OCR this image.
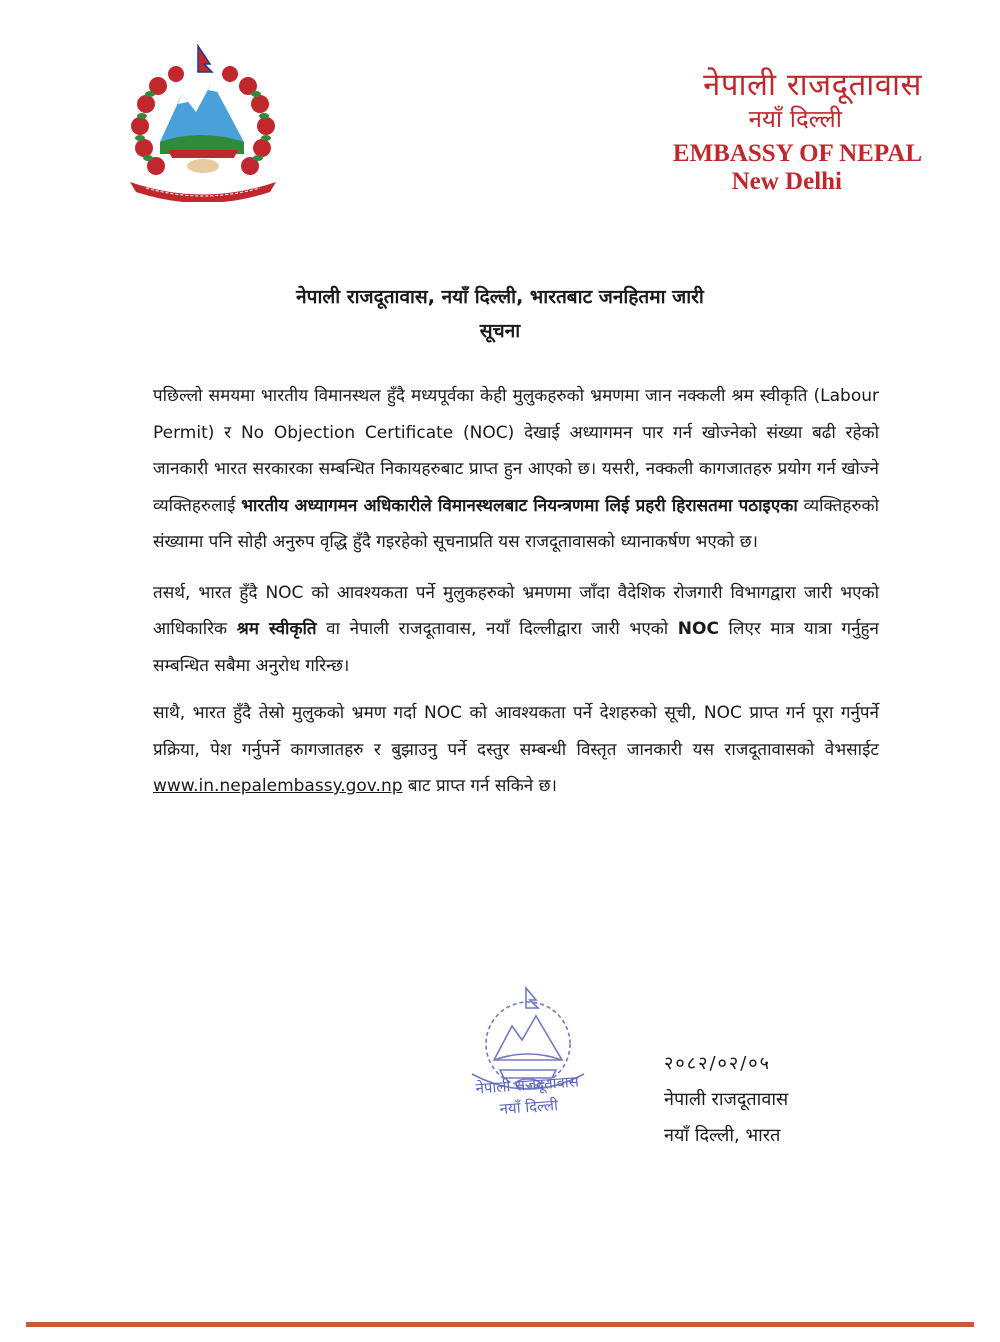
नेपाली राजदूतावास
नयाँ दिल्ली
EMBASSY OF NEPAL
New Delhi
नेपाली राजदूतावास, नयाँ दिल्ली, भारतबाट जनहितमा जारी
सूचना

पछिल्लो समयमा भारतीय विमानस्थल हुँदै मध्यपूर्वका केही मुलुकहरुको भ्रमणमा जान नक्कली श्रम स्वीकृति (Labour Permit) र No Objection Certificate (NOC) देखाई अध्यागमन पार गर्न खोज्नेको संख्या बढी रहेको जानकारी भारत सरकारका सम्बन्धित निकायहरुबाट प्राप्त हुन आएको छ। यसरी, नक्कली कागजातहरु प्रयोग गर्न खोज्ने व्यक्तिहरुलाई भारतीय अध्यागमन अधिकारीले विमानस्थलबाट नियन्त्रणमा लिई प्रहरी हिरासतमा पठाइएका व्यक्तिहरुको संख्यामा पनि सोही अनुरुप वृद्धि हुँदै गइरहेको सूचनाप्रति यस राजदूतावासको ध्यानाकर्षण भएको छ।

तसर्थ, भारत हुँदै NOC को आवश्यकता पर्ने मुलुकहरुको भ्रमणमा जाँदा वैदेशिक रोजगारी विभागद्वारा जारी भएको आधिकारिक श्रम स्वीकृति वा नेपाली राजदूतावास, नयाँ दिल्लीद्वारा जारी भएको NOC लिएर मात्र यात्रा गर्नुहुन सम्बन्धित सबैमा अनुरोध गरिन्छ।

साथै, भारत हुँदै तेस्रो मुलुकको भ्रमण गर्दा NOC को आवश्यकता पर्ने देशहरुको सूची, NOC प्राप्त गर्न पूरा गर्नुपर्ने प्रक्रिया, पेश गर्नुपर्ने कागजातहरु र बुझाउनु पर्ने दस्तुर सम्बन्धी विस्तृत जानकारी यस राजदूतावासको वेभसाईट www.in.nepalembassy.gov.np बाट प्राप्त गर्न सकिने छ।

नेपाली राजदूतावास
नयाँ दिल्ली
२०८२/०२/०५
नेपाली राजदूतावास
नयाँ दिल्ली, भारत
